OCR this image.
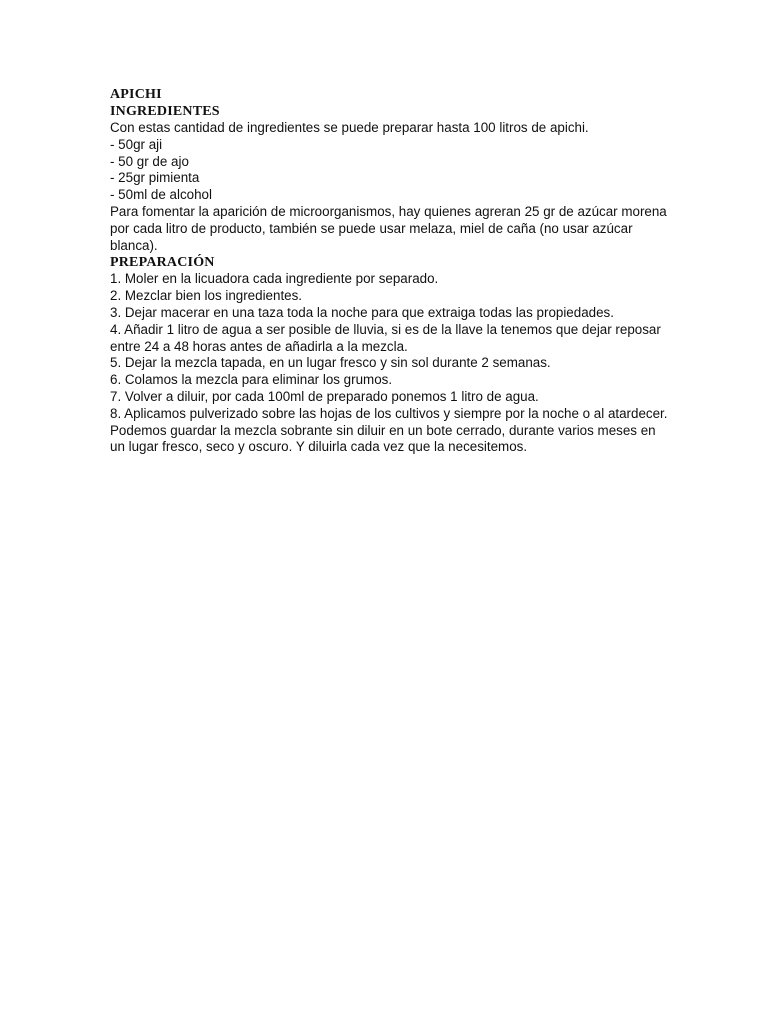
APICHI

INGREDIENTES

Con estas cantidad de ingredientes se puede preparar hasta 100 litros de apichi.

- 50gr aji

- 50 gr de ajo

- 25gr pimienta

- 50ml de alcohol

Para fomentar la aparición de microorganismos, hay quienes agreran 25 gr de azúcar morena por cada litro de producto, también se puede usar melaza, miel de caña (no usar azúcar blanca).

PREPARACIÓN

1. Moler en la licuadora cada ingrediente por separado.

2. Mezclar bien los ingredientes.

3. Dejar macerar en una taza toda la noche para que extraiga todas las propiedades.

4. Añadir 1 litro de agua a ser posible de lluvia, si es de la llave la tenemos que dejar reposar entre 24 a 48 horas antes de añadirla a la mezcla.

5. Dejar la mezcla tapada, en un lugar fresco y sin sol durante 2 semanas.

6. Colamos la mezcla para eliminar los grumos.

7. Volver a diluir, por cada 100ml de preparado ponemos 1 litro de agua.

8. Aplicamos pulverizado sobre las hojas de los cultivos y siempre por la noche o al atardecer.

Podemos guardar la mezcla sobrante sin diluir en un bote cerrado, durante varios meses en un lugar fresco, seco y oscuro. Y diluirla cada vez que la necesitemos.
